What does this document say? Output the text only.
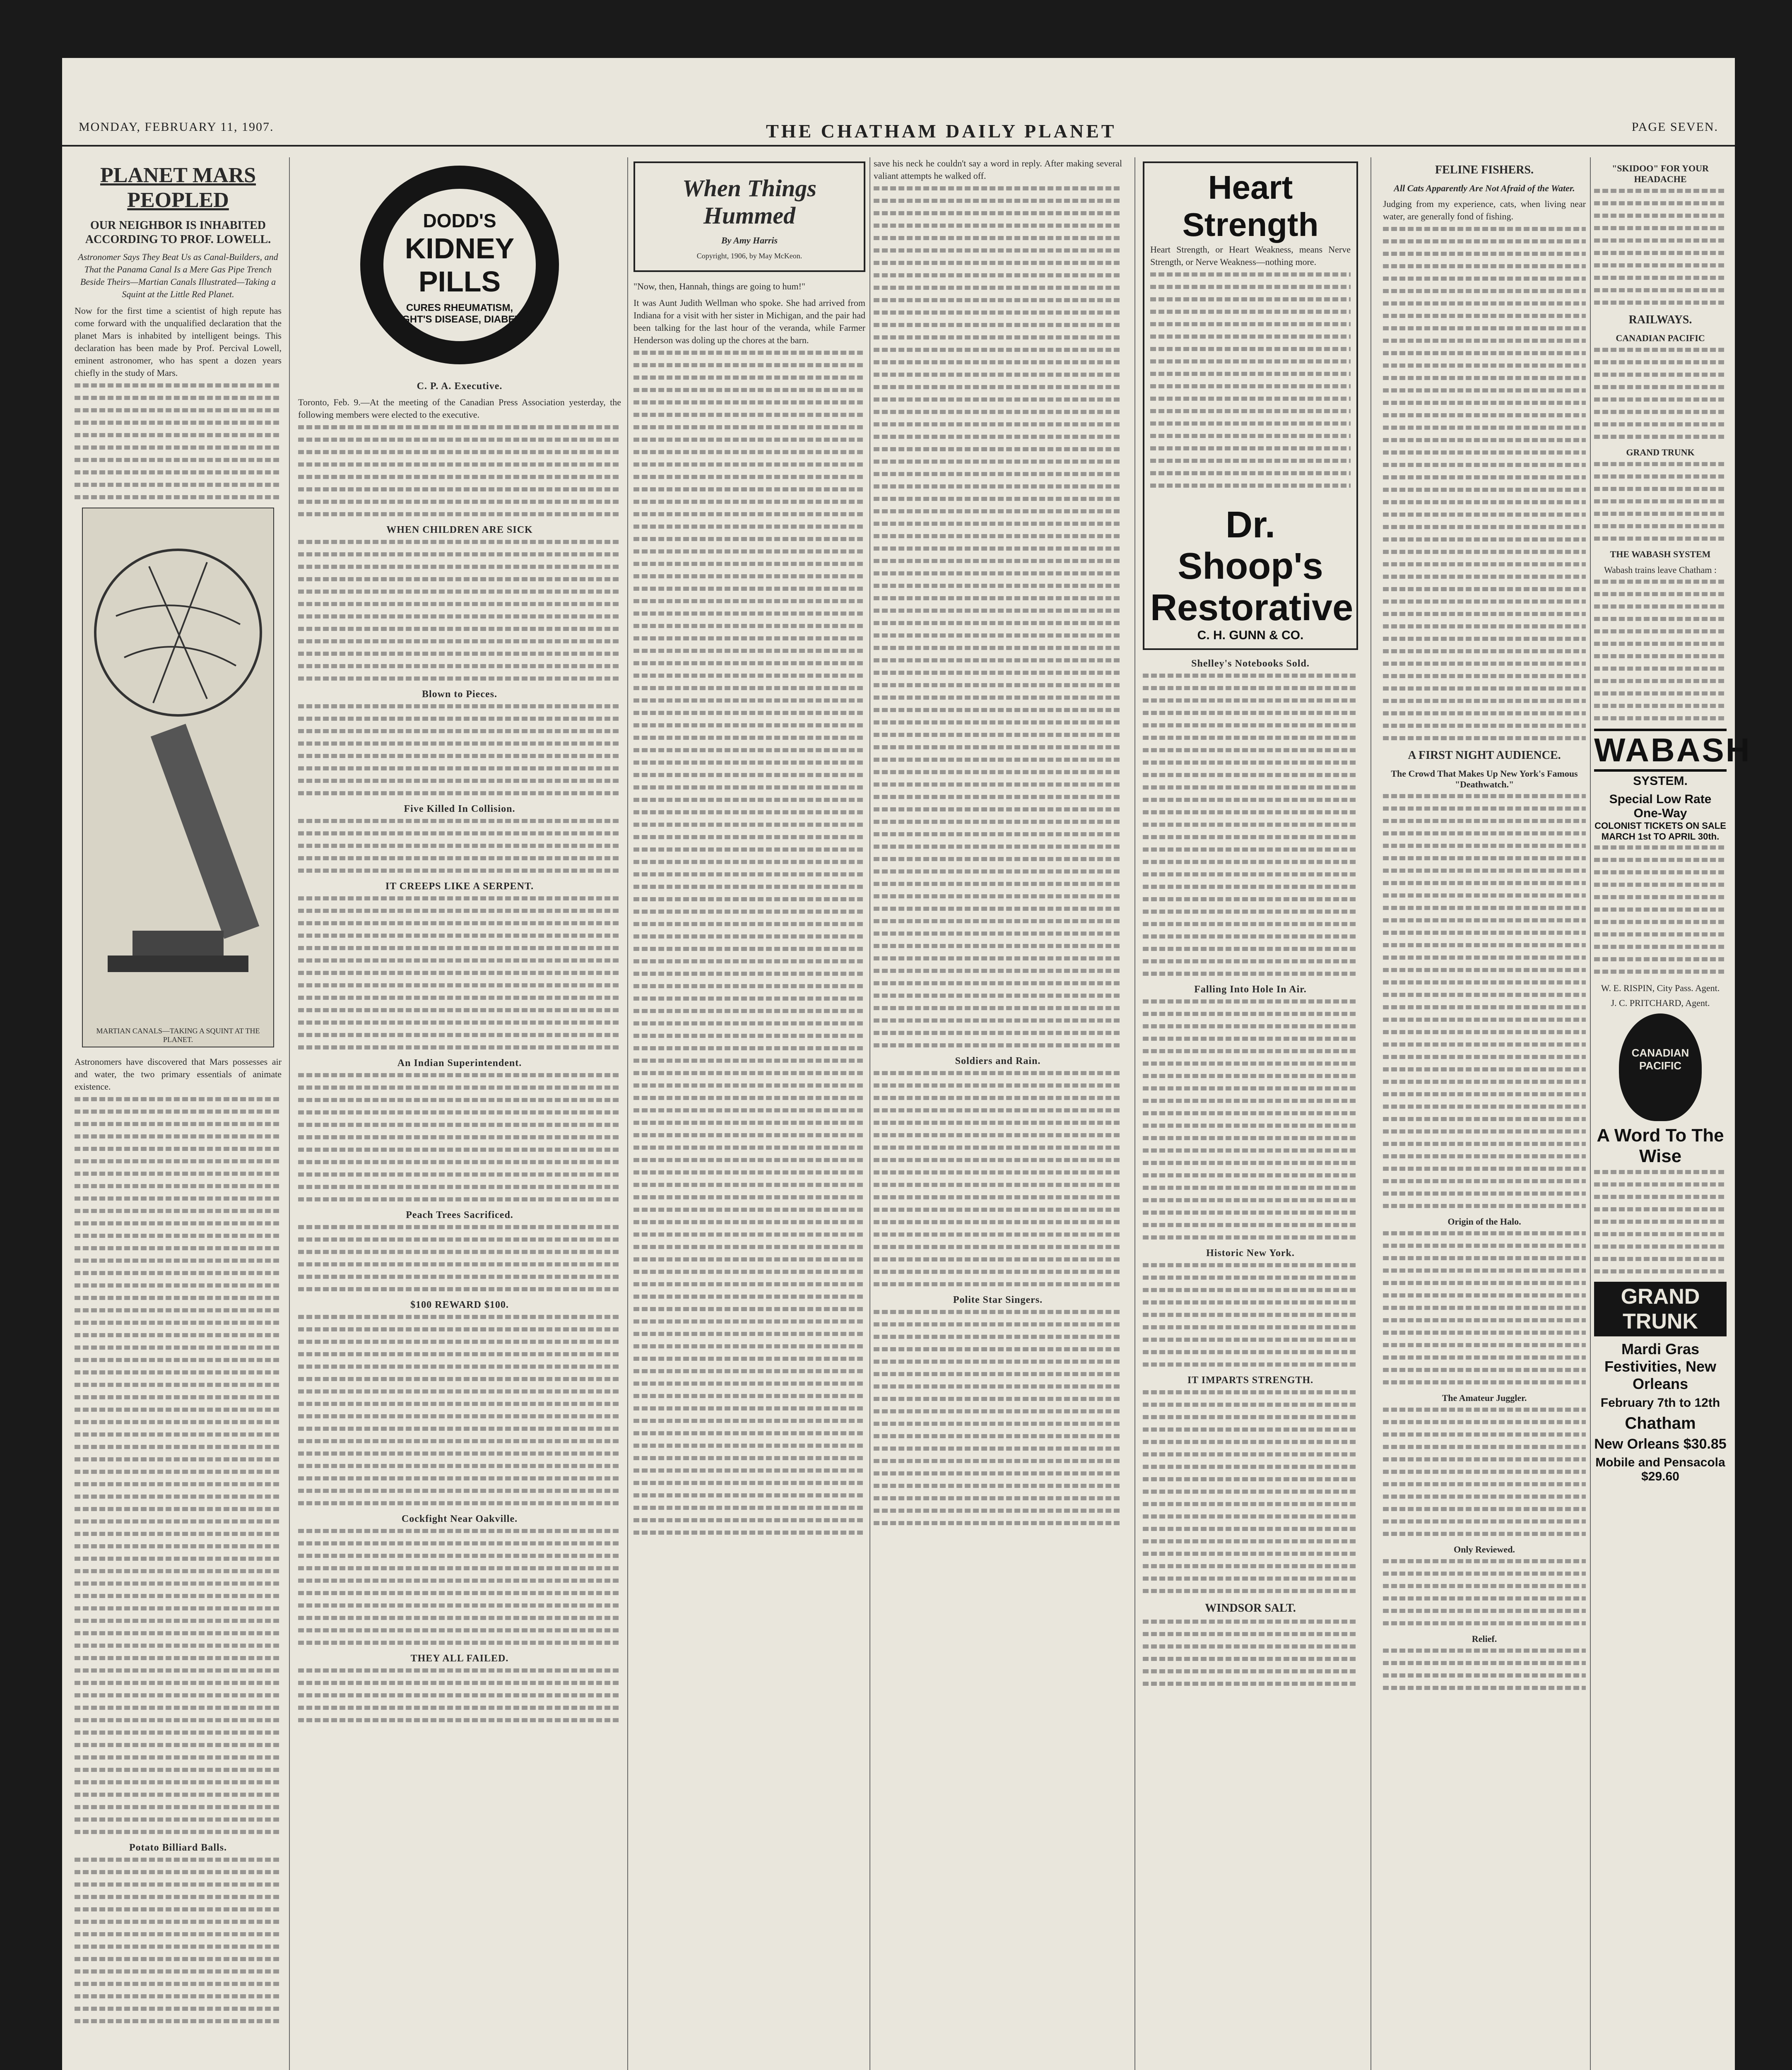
MONDAY, FEBRUARY 11, 1907.	THE CHATHAM DAILY PLANET	PAGE SEVEN.
PLANET MARS PEOPLED
OUR NEIGHBOR IS INHABITED ACCORDING TO PROF. LOWELL.

Astronomer Says They Beat Us as Canal-Builders, and That the Panama Canal Is a Mere Gas Pipe Trench Beside Theirs—Martian Canals Illustrated—Taking a Squint at the Little Red Planet.

Now for the first time a scientist of high repute has come forward with the unqualified declaration that the planet Mars is inhabited by intelligent beings. This declaration has been made by Prof. Percival Lowell, eminent astronomer, who has spent a dozen years chiefly in the study of Mars.

MARTIAN CANALS—TAKING A SQUINT AT THE PLANET.

Astronomers have discovered that Mars possesses air and water, the two primary essentials of animate existence.

Potato Billiard Balls.
DODD'S
KIDNEY PILLS
CURES RHEUMATISM, BRIGHT'S DISEASE, DIABETES
C. P. A. Executive.

Toronto, Feb. 9.—At the meeting of the Canadian Press Association yesterday, the following members were elected to the executive.

WHEN CHILDREN ARE SICK
Blown to Pieces.
Five Killed In Collision.
IT CREEPS LIKE A SERPENT.
An Indian Superintendent.
Peach Trees Sacrificed.
$100 REWARD $100.
Cockfight Near Oakville.
THEY ALL FAILED.
When Things Hummed
By Amy Harris
Copyright, 1906, by May McKeon.

"Now, then, Hannah, things are going to hum!"

It was Aunt Judith Wellman who spoke. She had arrived from Indiana for a visit with her sister in Michigan, and the pair had been talking for the last hour of the veranda, while Farmer Henderson was doling up the chores at the barn.

save his neck he couldn't say a word in reply. After making several valiant attempts he walked off.

Soldiers and Rain.
Polite Star Singers.
Heart Strength

Heart Strength, or Heart Weakness, means Nerve Strength, or Nerve Weakness—nothing more.

Dr. Shoop's Restorative
C. H. GUNN & CO.
Shelley's Notebooks Sold.
Falling Into Hole In Air.
Historic New York.
IT IMPARTS STRENGTH.
WINDSOR SALT.
FELINE FISHERS.
All Cats Apparently Are Not Afraid of the Water.

Judging from my experience, cats, when living near water, are generally fond of fishing.

A FIRST NIGHT AUDIENCE.
The Crowd That Makes Up New York's Famous "Deathwatch."
Origin of the Halo.
The Amateur Juggler.
Only Reviewed.
Relief.
"SKIDOO" FOR YOUR HEADACHE
RAILWAYS.
CANADIAN PACIFIC
GRAND TRUNK
THE WABASH SYSTEM
Wabash trains leave Chatham :
WABASH
SYSTEM.
Special Low Rate One-Way
COLONIST TICKETS ON SALE MARCH 1st TO APRIL 30th.
W. E. RISPIN, City Pass. Agent.
J. C. PRITCHARD, Agent.
CANADIAN PACIFIC
A Word To The Wise
GRAND TRUNK
Mardi Gras Festivities, New Orleans
February 7th to 12th
Chatham
New Orleans $30.85
Mobile and Pensacola $29.60
